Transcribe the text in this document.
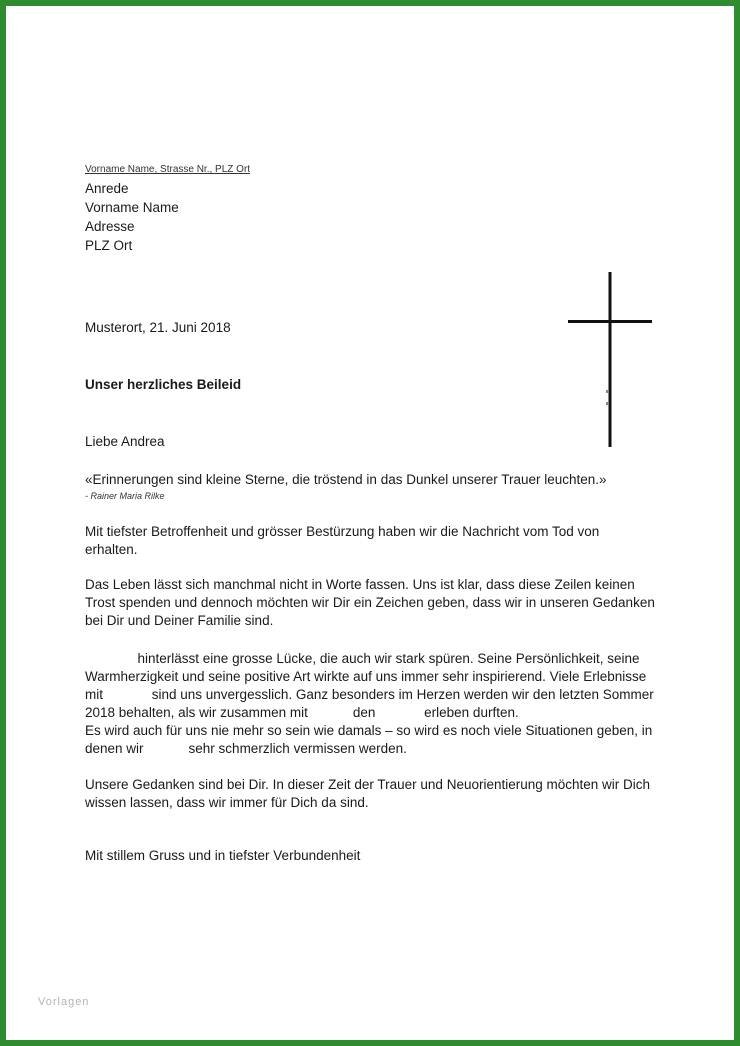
Vorname Name, Strasse Nr., PLZ Ort
Anrede
Vorname Name
Adresse
PLZ Ort
Musterort, 21. Juni 2018
Unser herzliches Beileid
Liebe Andrea
«Erinnerungen sind kleine Sterne, die tröstend in das Dunkel unserer Trauer leuchten.»
- Rainer Maria Rilke
Mit tiefster Betroffenheit und grösser Bestürzung haben wir die Nachricht vom Tod von
erhalten.
Das Leben lässt sich manchmal nicht in Worte fassen. Uns ist klar, dass diese Zeilen keinen
Trost spenden und dennoch möchten wir Dir ein Zeichen geben, dass wir in unseren Gedanken
bei Dir und Deiner Familie sind.
hinterlässt eine grosse Lücke, die auch wir stark spüren. Seine Persönlichkeit, seine
Warmherzigkeit und seine positive Art wirkte auf uns immer sehr inspirierend. Viele Erlebnisse
mit             sind uns unvergesslich. Ganz besonders im Herzen werden wir den letzten Sommer
2018 behalten, als wir zusammen mit            den             erleben durften.
Es wird auch für uns nie mehr so sein wie damals – so wird es noch viele Situationen geben, in
denen wir            sehr schmerzlich vermissen werden.
Unsere Gedanken sind bei Dir. In dieser Zeit der Trauer und Neuorientierung möchten wir Dich
wissen lassen, dass wir immer für Dich da sind.
Mit stillem Gruss und in tiefster Verbundenheit
Vorlagen
